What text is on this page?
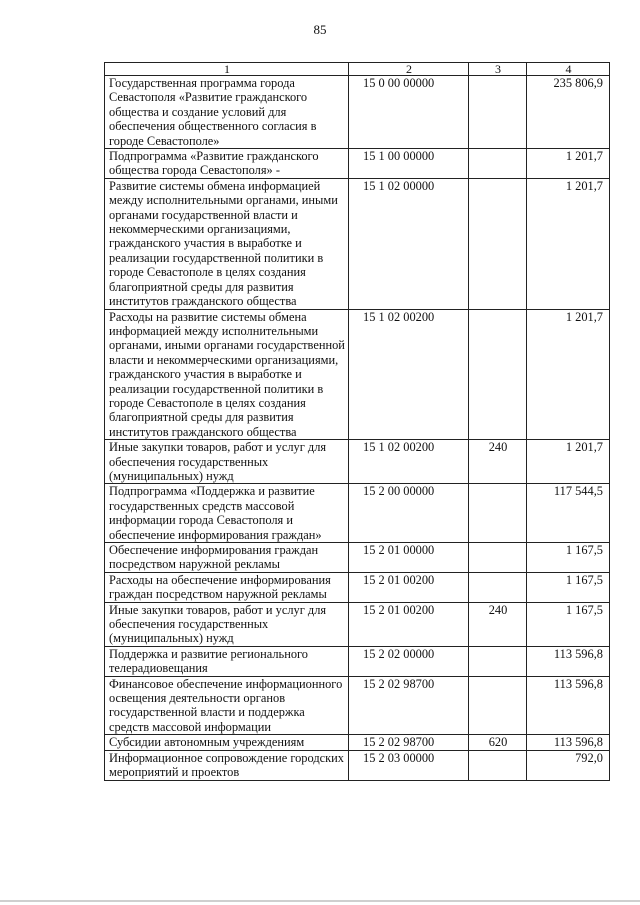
85
1	2	3	4
Государственная программа города Севастополя «Развитие гражданского общества и создание условий для обеспечения общественного согласия в городе Севастополе»	15 0 00 00000		235 806,9
Подпрограмма «Развитие гражданского общества города Севастополя» -	15 1 00 00000		1 201,7
Развитие системы обмена информацией между исполнительными органами, иными органами государственной власти и некоммерческими организациями, гражданского участия в выработке и реализации государственной политики в городе Севастополе в целях создания благоприятной среды для развития институтов гражданского общества	15 1 02 00000		1 201,7
Расходы на развитие системы обмена информацией между исполнительными органами, иными органами государственной власти и некоммерческими организациями, гражданского участия в выработке и реализации государственной политики в городе Севастополе в целях создания благоприятной среды для развития институтов гражданского общества	15 1 02 00200		1 201,7
Иные закупки товаров, работ и услуг для обеспечения государственных (муниципальных) нужд	15 1 02 00200	240	1 201,7
Подпрограмма «Поддержка и развитие государственных средств массовой информации города Севастополя и обеспечение информирования граждан»	15 2 00 00000		117 544,5
Обеспечение информирования граждан посредством наружной рекламы	15 2 01 00000		1 167,5
Расходы на обеспечение информирования граждан посредством наружной рекламы	15 2 01 00200		1 167,5
Иные закупки товаров, работ и услуг для обеспечения государственных (муниципальных) нужд	15 2 01 00200	240	1 167,5
Поддержка и развитие регионального телерадиовещания	15 2 02 00000		113 596,8
Финансовое обеспечение информационного освещения деятельности органов государственной власти и поддержка средств массовой информации	15 2 02 98700		113 596,8
Субсидии автономным учреждениям	15 2 02 98700	620	113 596,8
Информационное сопровождение городских мероприятий и проектов	15 2 03 00000		792,0
